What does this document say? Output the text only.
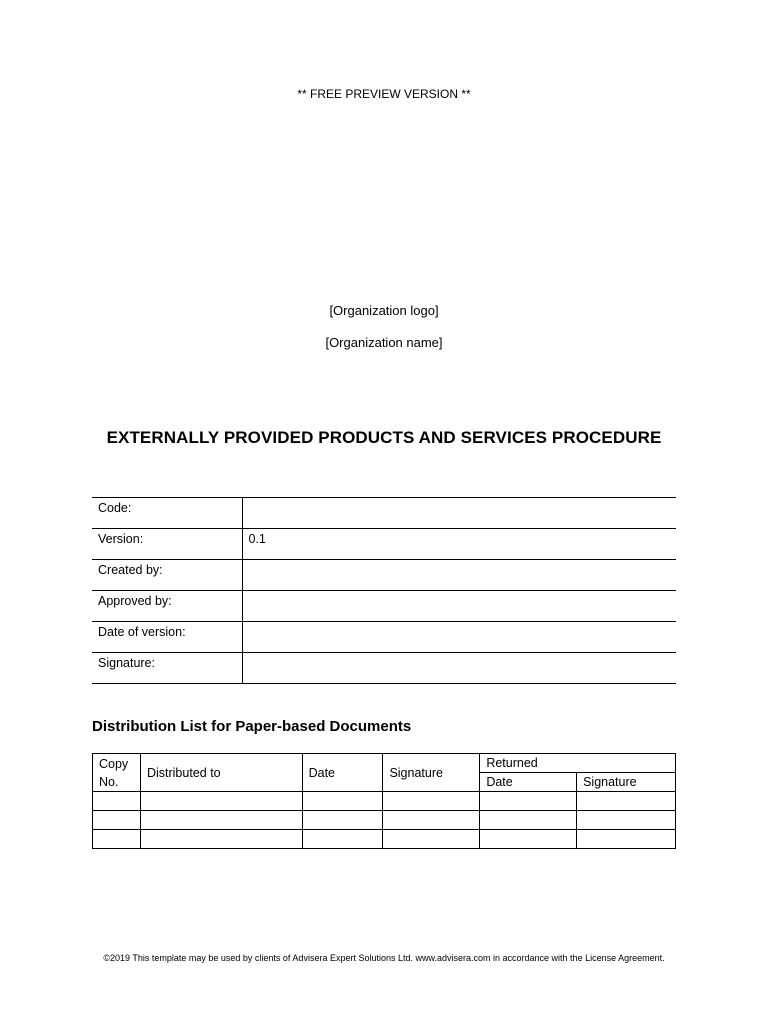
** FREE PREVIEW VERSION **
[Organization logo]
[Organization name]
EXTERNALLY PROVIDED PRODUCTS AND SERVICES PROCEDURE
Code:	
Version:	0.1
Created by:	
Approved by:	
Date of version:	
Signature:	
Distribution List for Paper-based Documents
Copy No.	Distributed to	Date	Signature	Returned	
				Date	Signature

©2019 This template may be used by clients of Advisera Expert Solutions Ltd. www.advisera.com in accordance with the License Agreement.
